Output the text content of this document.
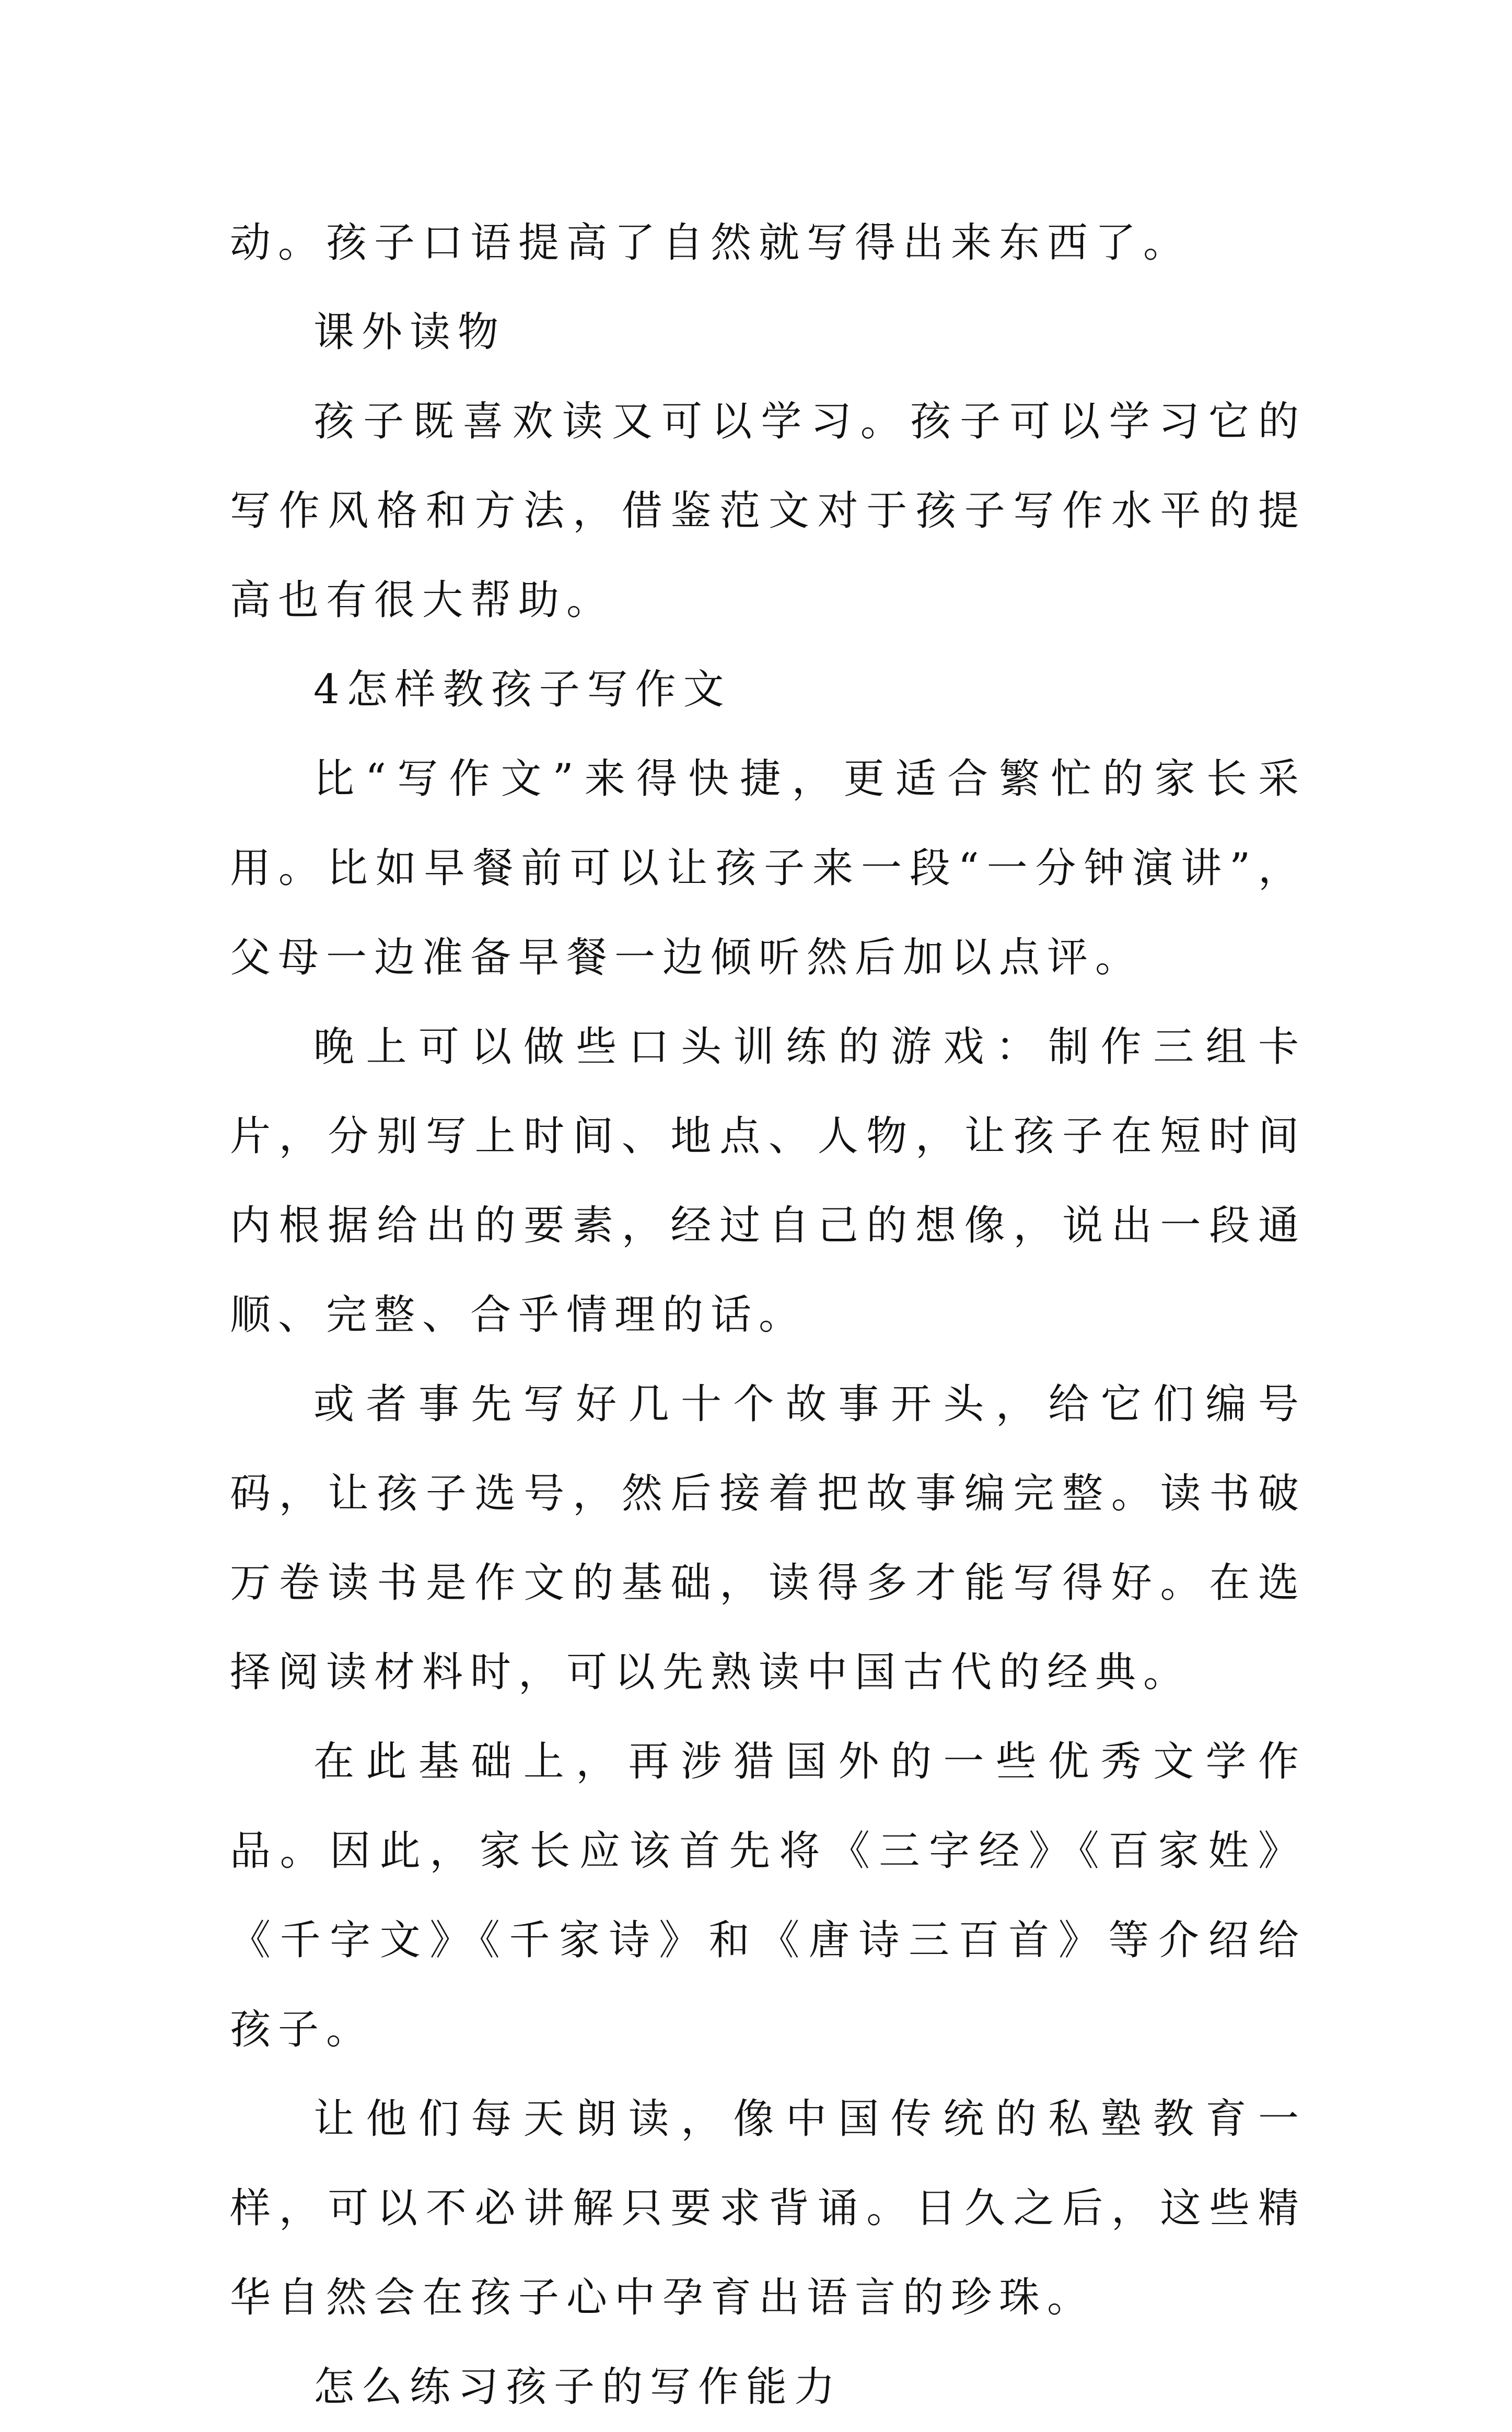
动。孩子口语提高了自然就写得出来东西了。

课外读物

孩子既喜欢读又可以学习。孩子可以学习它的写作风格和方法，借鉴范文对于孩子写作水平的提高也有很大帮助。

4怎样教孩子写作文

比“写作文”来得快捷，更适合繁忙的家长采用。比如早餐前可以让孩子来一段“一分钟演讲”，父母一边准备早餐一边倾听然后加以点评。

晚上可以做些口头训练的游戏：制作三组卡片，分别写上时间、地点、人物，让孩子在短时间内根据给出的要素，经过自己的想像，说出一段通顺、完整、合乎情理的话。

或者事先写好几十个故事开头，给它们编号码，让孩子选号，然后接着把故事编完整。读书破万卷读书是作文的基础，读得多才能写得好。在选择阅读材料时，可以先熟读中国古代的经典。

在此基础上，再涉猎国外的一些优秀文学作品。因此，家长应该首先将《三字经》《百家姓》《千字文》《千家诗》和《唐诗三百首》等介绍给孩子。

让他们每天朗读，像中国传统的私塾教育一样，可以不必讲解只要求背诵。日久之后，这些精华自然会在孩子心中孕育出语言的珍珠。

怎么练习孩子的写作能力
